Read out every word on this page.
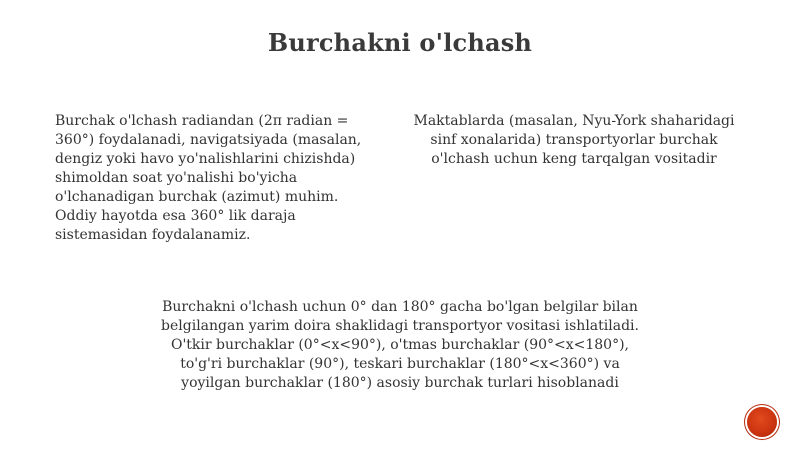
Burchakni o'lchash
Burchak o'lchash radiandan (2π radian = 360°) foydalanadi, navigatsiyada (masalan, dengiz yoki havo yo'nalishlarini chizishda) shimoldan soat yo'nalishi bo'yicha o'lchanadigan burchak (azimut) muhim. Oddiy hayotda esa 360° lik daraja sistemasidan foydalanamiz.
Maktablarda (masalan, Nyu-York shaharidagi sinf xonalarida) transportyorlar burchak o'lchash uchun keng tarqalgan vositadir
Burchakni o'lchash uchun 0° dan 180° gacha bo'lgan belgilar bilan belgilangan yarim doira shaklidagi transportyor vositasi ishlatiladi. O'tkir burchaklar (0°<x<90°), o'tmas burchaklar (90°<x<180°), to'g'ri burchaklar (90°), teskari burchaklar (180°<x<360°) va yoyilgan burchaklar (180°) asosiy burchak turlari hisoblanadi
